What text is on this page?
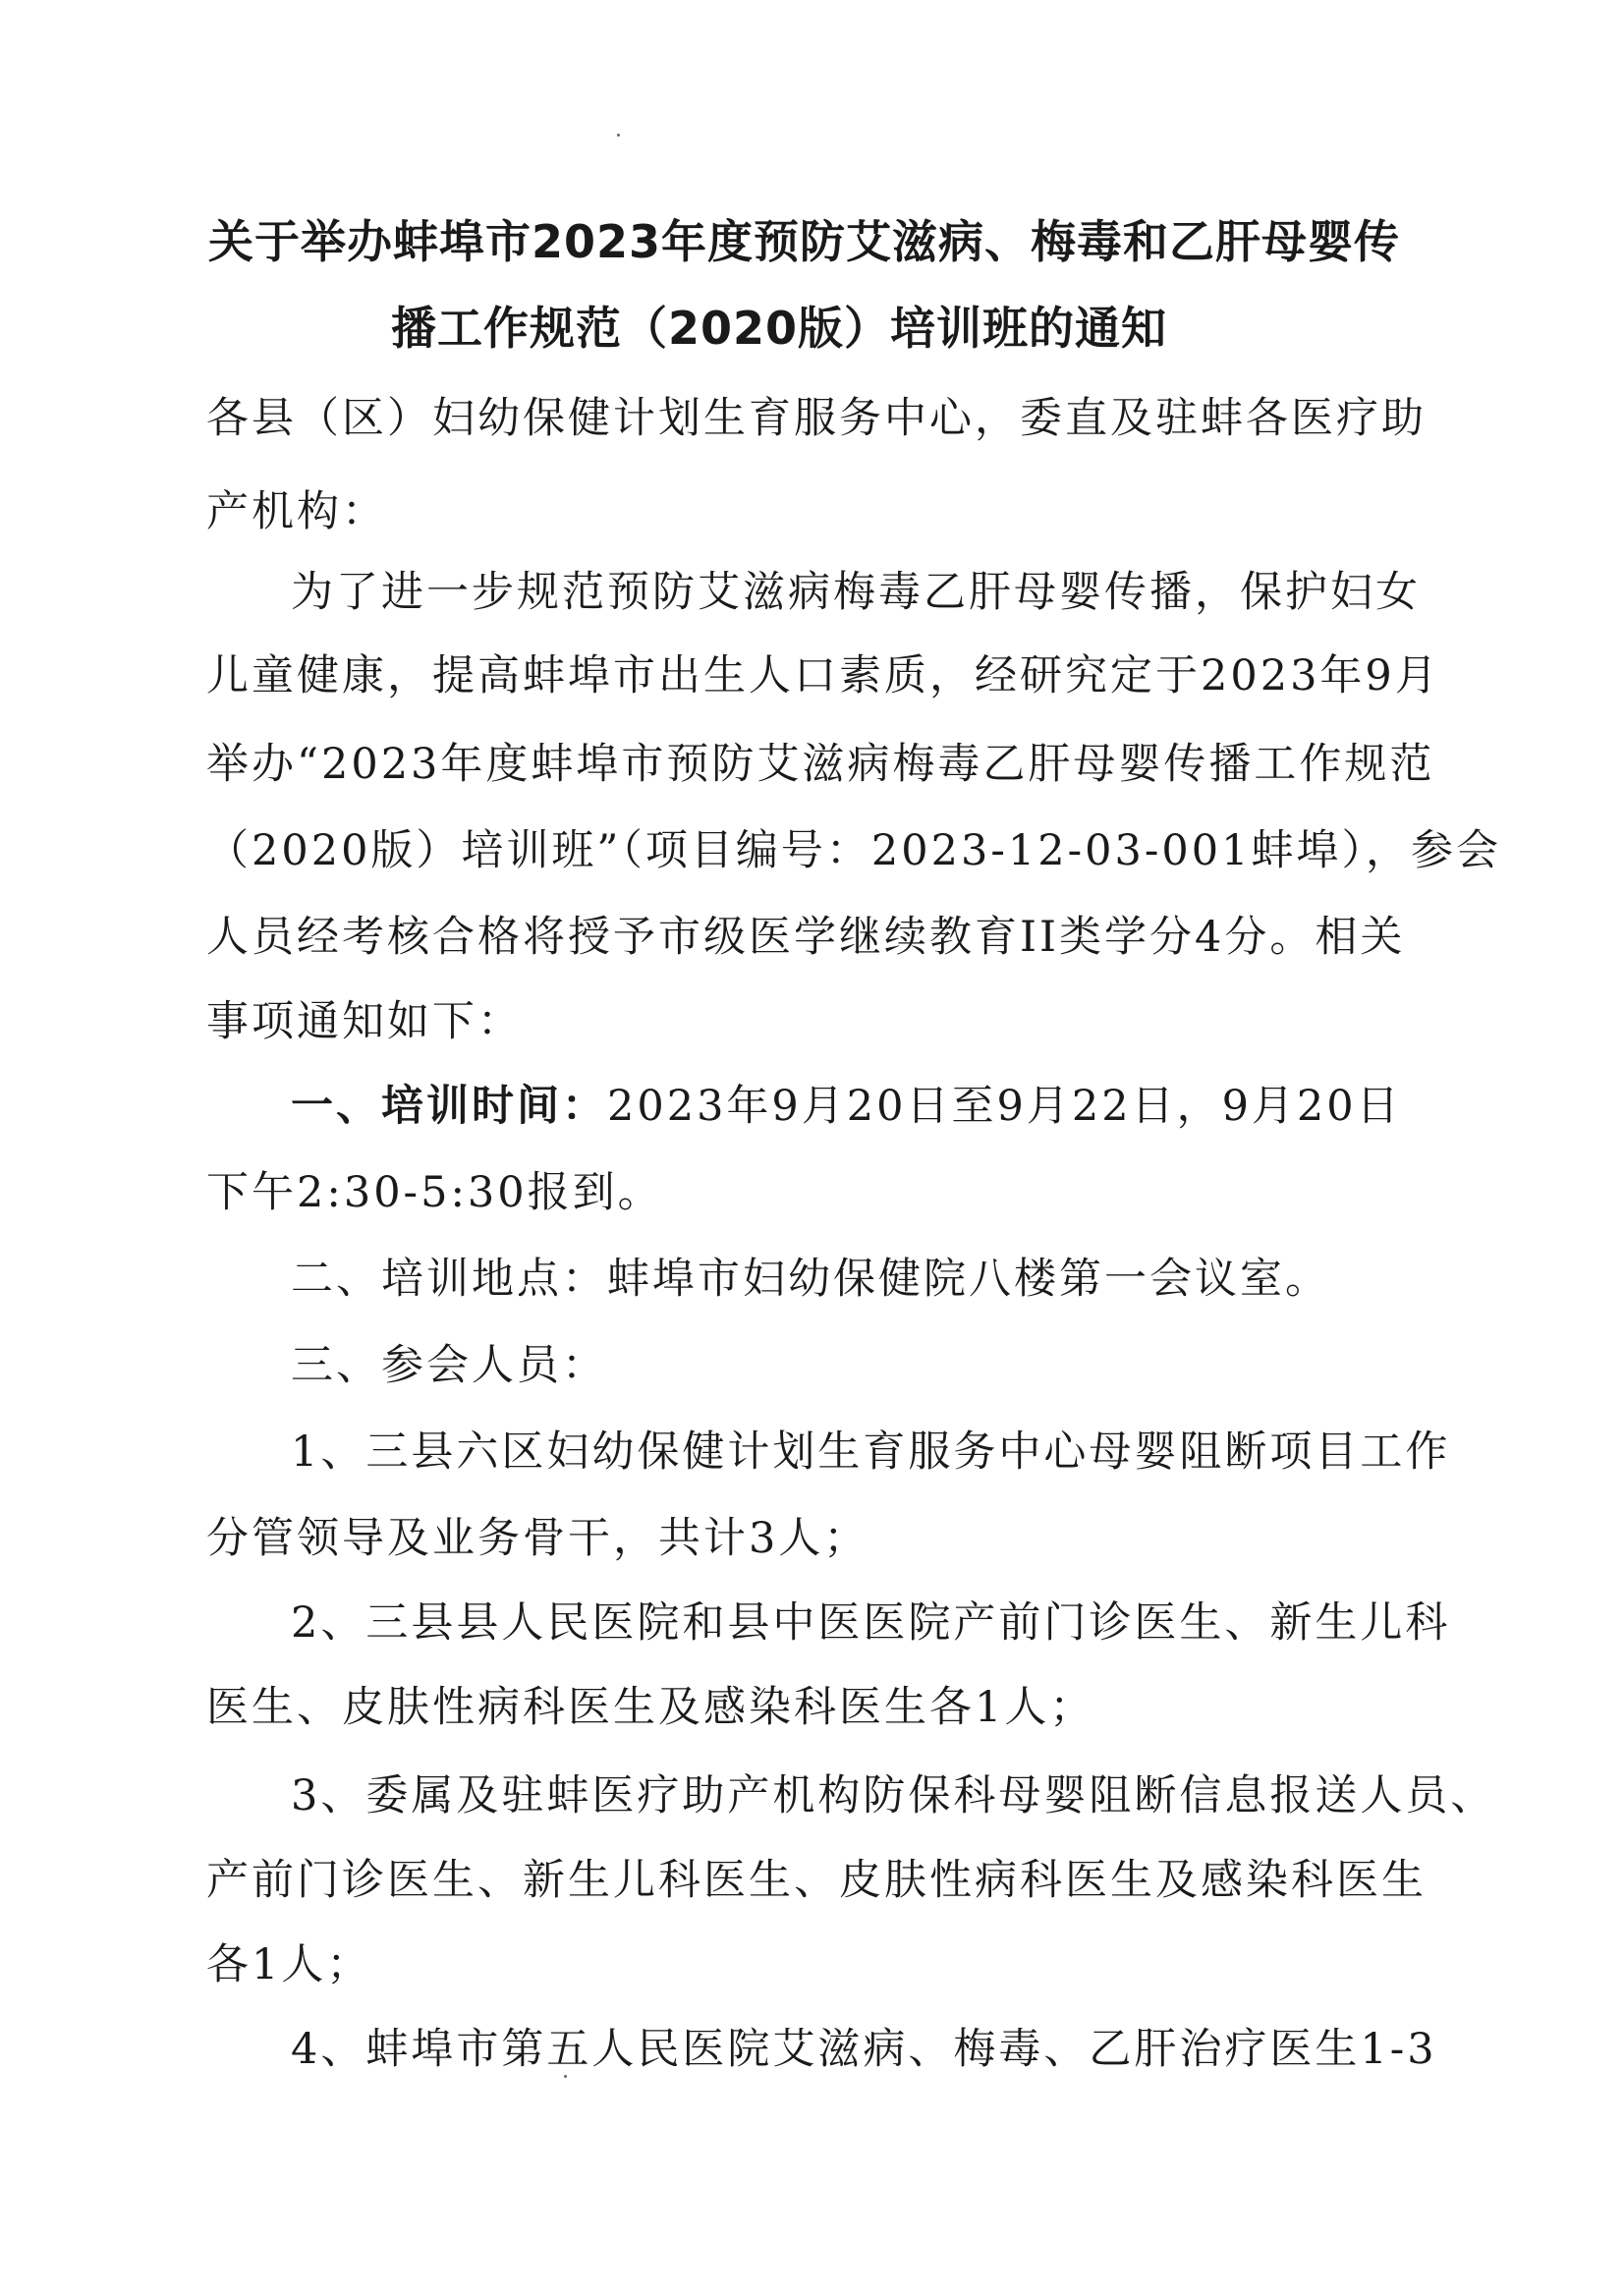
关于举办蚌埠市2023年度预防艾滋病、梅毒和乙肝母婴传
播工作规范（2020版）培训班的通知

各县（区）妇幼保健计划生育服务中心，委直及驻蚌各医疗助

产机构：

为了进一步规范预防艾滋病梅毒乙肝母婴传播，保护妇女

儿童健康，提高蚌埠市出生人口素质，经研究定于2023年9月

举办“2023年度蚌埠市预防艾滋病梅毒乙肝母婴传播工作规范

（2020版）培训班”（项目编号：2023-12-03-001蚌埠），参会

人员经考核合格将授予市级医学继续教育II类学分4分。相关

事项通知如下：

一、培训时间：2023年9月20日至9月22日，9月20日

下午2:30-5:30报到。

二、培训地点：蚌埠市妇幼保健院八楼第一会议室。

三、参会人员：

1、三县六区妇幼保健计划生育服务中心母婴阻断项目工作

分管领导及业务骨干，共计3人；

2、三县县人民医院和县中医医院产前门诊医生、新生儿科

医生、皮肤性病科医生及感染科医生各1人；

3、委属及驻蚌医疗助产机构防保科母婴阻断信息报送人员、

产前门诊医生、新生儿科医生、皮肤性病科医生及感染科医生

各1人；

4、蚌埠市第五人民医院艾滋病、梅毒、乙肝治疗医生1-3
